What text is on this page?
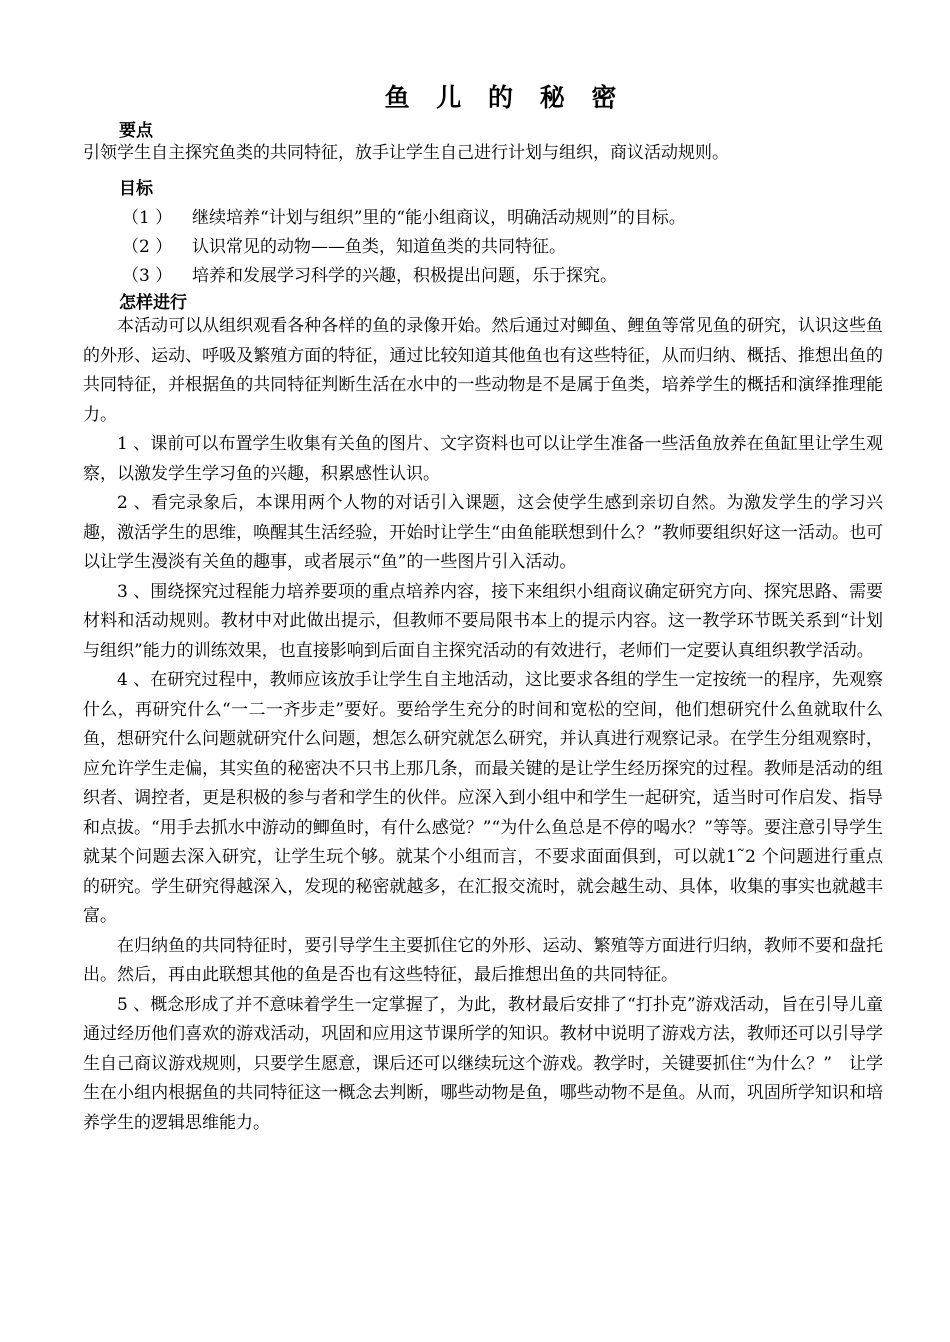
鱼 儿 的 秘 密
要点

引领学生自主探究鱼类的共同特征，放手让学生自己进行计划与组织，商议活动规则。

目标
（1 ） 继续培养“计划与组织”里的“能小组商议，明确活动规则”的目标。
（2 ） 认识常见的动物——鱼类，知道鱼类的共同特征。
（3 ） 培养和发展学习科学的兴趣，积极提出问题，乐于探究。
怎样进行

本活动可以从组织观看各种各样的鱼的录像开始。然后通过对鲫鱼、鲤鱼等常见鱼的研究，认识这些鱼的外形、运动、呼吸及繁殖方面的特征，通过比较知道其他鱼也有这些特征，从而归纳、概括、推想出鱼的共同特征，并根据鱼的共同特征判断生活在水中的一些动物是不是属于鱼类，培养学生的概括和演绎推理能力。

1 、课前可以布置学生收集有关鱼的图片、文字资料也可以让学生准备一些活鱼放养在鱼缸里让学生观察，以激发学生学习鱼的兴趣，积累感性认识。

2 、看完录象后，本课用两个人物的对话引入课题，这会使学生感到亲切自然。为激发学生的学习兴趣，激活学生的思维，唤醒其生活经验，开始时让学生“由鱼能联想到什么？”教师要组织好这一活动。也可以让学生漫淡有关鱼的趣事，或者展示“鱼”的一些图片引入活动。

3 、围绕探究过程能力培养要项的重点培养内容，接下来组织小组商议确定研究方向、探究思路、需要材料和活动规则。教材中对此做出提示，但教师不要局限书本上的提示内容。这一教学环节既关系到“计划与组织”能力的训练效果，也直接影响到后面自主探究活动的有效进行，老师们一定要认真组织教学活动。

4 、在研究过程中，教师应该放手让学生自主地活动，这比要求各组的学生一定按统一的程序，先观察什么，再研究什么“一二一齐步走”要好。要给学生充分的时间和宽松的空间，他们想研究什么鱼就取什么鱼，想研究什么问题就研究什么问题，想怎么研究就怎么研究，并认真进行观察记录。在学生分组观察时，应允许学生走偏，其实鱼的秘密决不只书上那几条，而最关键的是让学生经历探究的过程。教师是活动的组织者、调控者，更是积极的参与者和学生的伙伴。应深入到小组中和学生一起研究，适当时可作启发、指导和点拔。“用手去抓水中游动的鲫鱼时，有什么感觉？”“为什么鱼总是不停的喝水？”等等。要注意引导学生就某个问题去深入研究，让学生玩个够。就某个小组而言，不要求面面俱到，可以就1˜2 个问题进行重点的研究。学生研究得越深入，发现的秘密就越多，在汇报交流时，就会越生动、具体，收集的事实也就越丰富。

在归纳鱼的共同特征时，要引导学生主要抓住它的外形、运动、繁殖等方面进行归纳，教师不要和盘托出。然后，再由此联想其他的鱼是否也有这些特征，最后推想出鱼的共同特征。

5 、概念形成了并不意味着学生一定掌握了，为此，教材最后安排了“打扑克”游戏活动，旨在引导儿童通过经历他们喜欢的游戏活动，巩固和应用这节课所学的知识。教材中说明了游戏方法，教师还可以引导学生自己商议游戏规则，只要学生愿意，课后还可以继续玩这个游戏。教学时，关键要抓住“为什么？”　让学生在小组内根据鱼的共同特征这一概念去判断，哪些动物是鱼，哪些动物不是鱼。从而，巩固所学知识和培养学生的逻辑思维能力。
